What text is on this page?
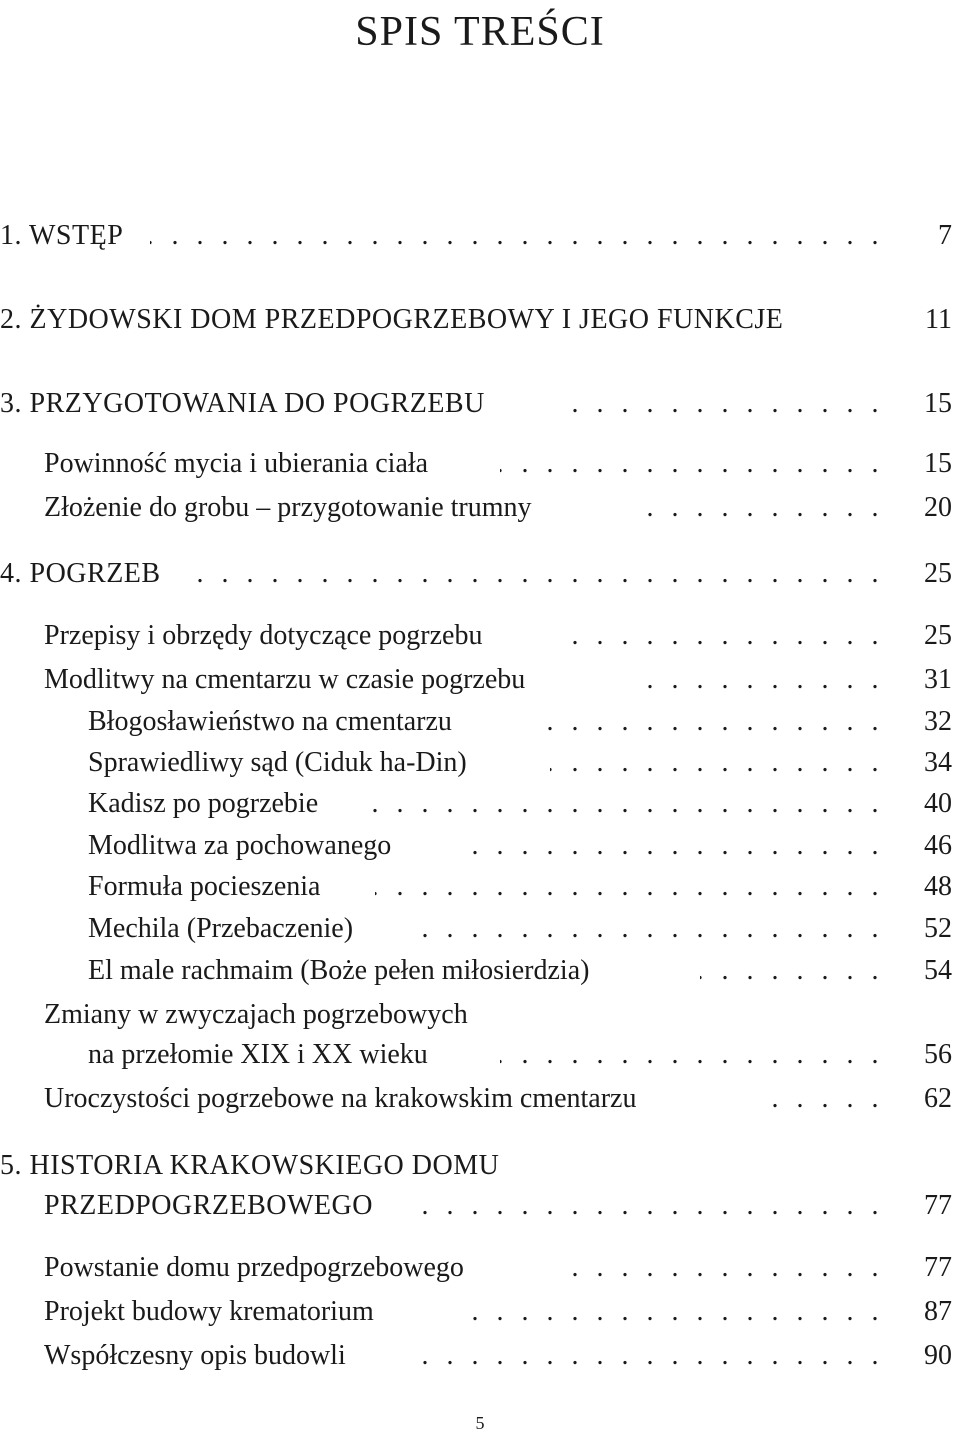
SPIS TREŚCI
1. WSTĘP . . .	7
2. ŻYDOWSKI DOM PRZEDPOGRZEBOWY I JEGO FUNKCJE	11
3. PRZYGOTOWANIA DO POGRZEBU . . .	15
Powinność mycia i ubierania ciała . . .	15
Złożenie do grobu – przygotowanie trumny . . .	20
4. POGRZEB . . .	25
Przepisy i obrzędy dotyczące pogrzebu . . .	25
Modlitwy na cmentarzu w czasie pogrzebu . . .	31
Błogosławieństwo na cmentarzu . . .	32
Sprawiedliwy sąd (Ciduk ha-Din) . . .	34
Kadisz po pogrzebie . . .	40
Modlitwa za pochowanego . . .	46
Formuła pocieszenia . . .	48
Mechila (Przebaczenie) . . .	52
El male rachmaim (Boże pełen miłosierdzia) . . .	54
Zmiany w zwyczajach pogrzebowych
na przełomie XIX i XX wieku . . .	56
Uroczystości pogrzebowe na krakowskim cmentarzu . . .	62
5. HISTORIA KRAKOWSKIEGO DOMU
PRZEDPOGRZEBOWEGO . . .	77
Powstanie domu przedpogrzebowego . . .	77
Projekt budowy krematorium . . .	87
Współczesny opis budowli . . .	90
5
